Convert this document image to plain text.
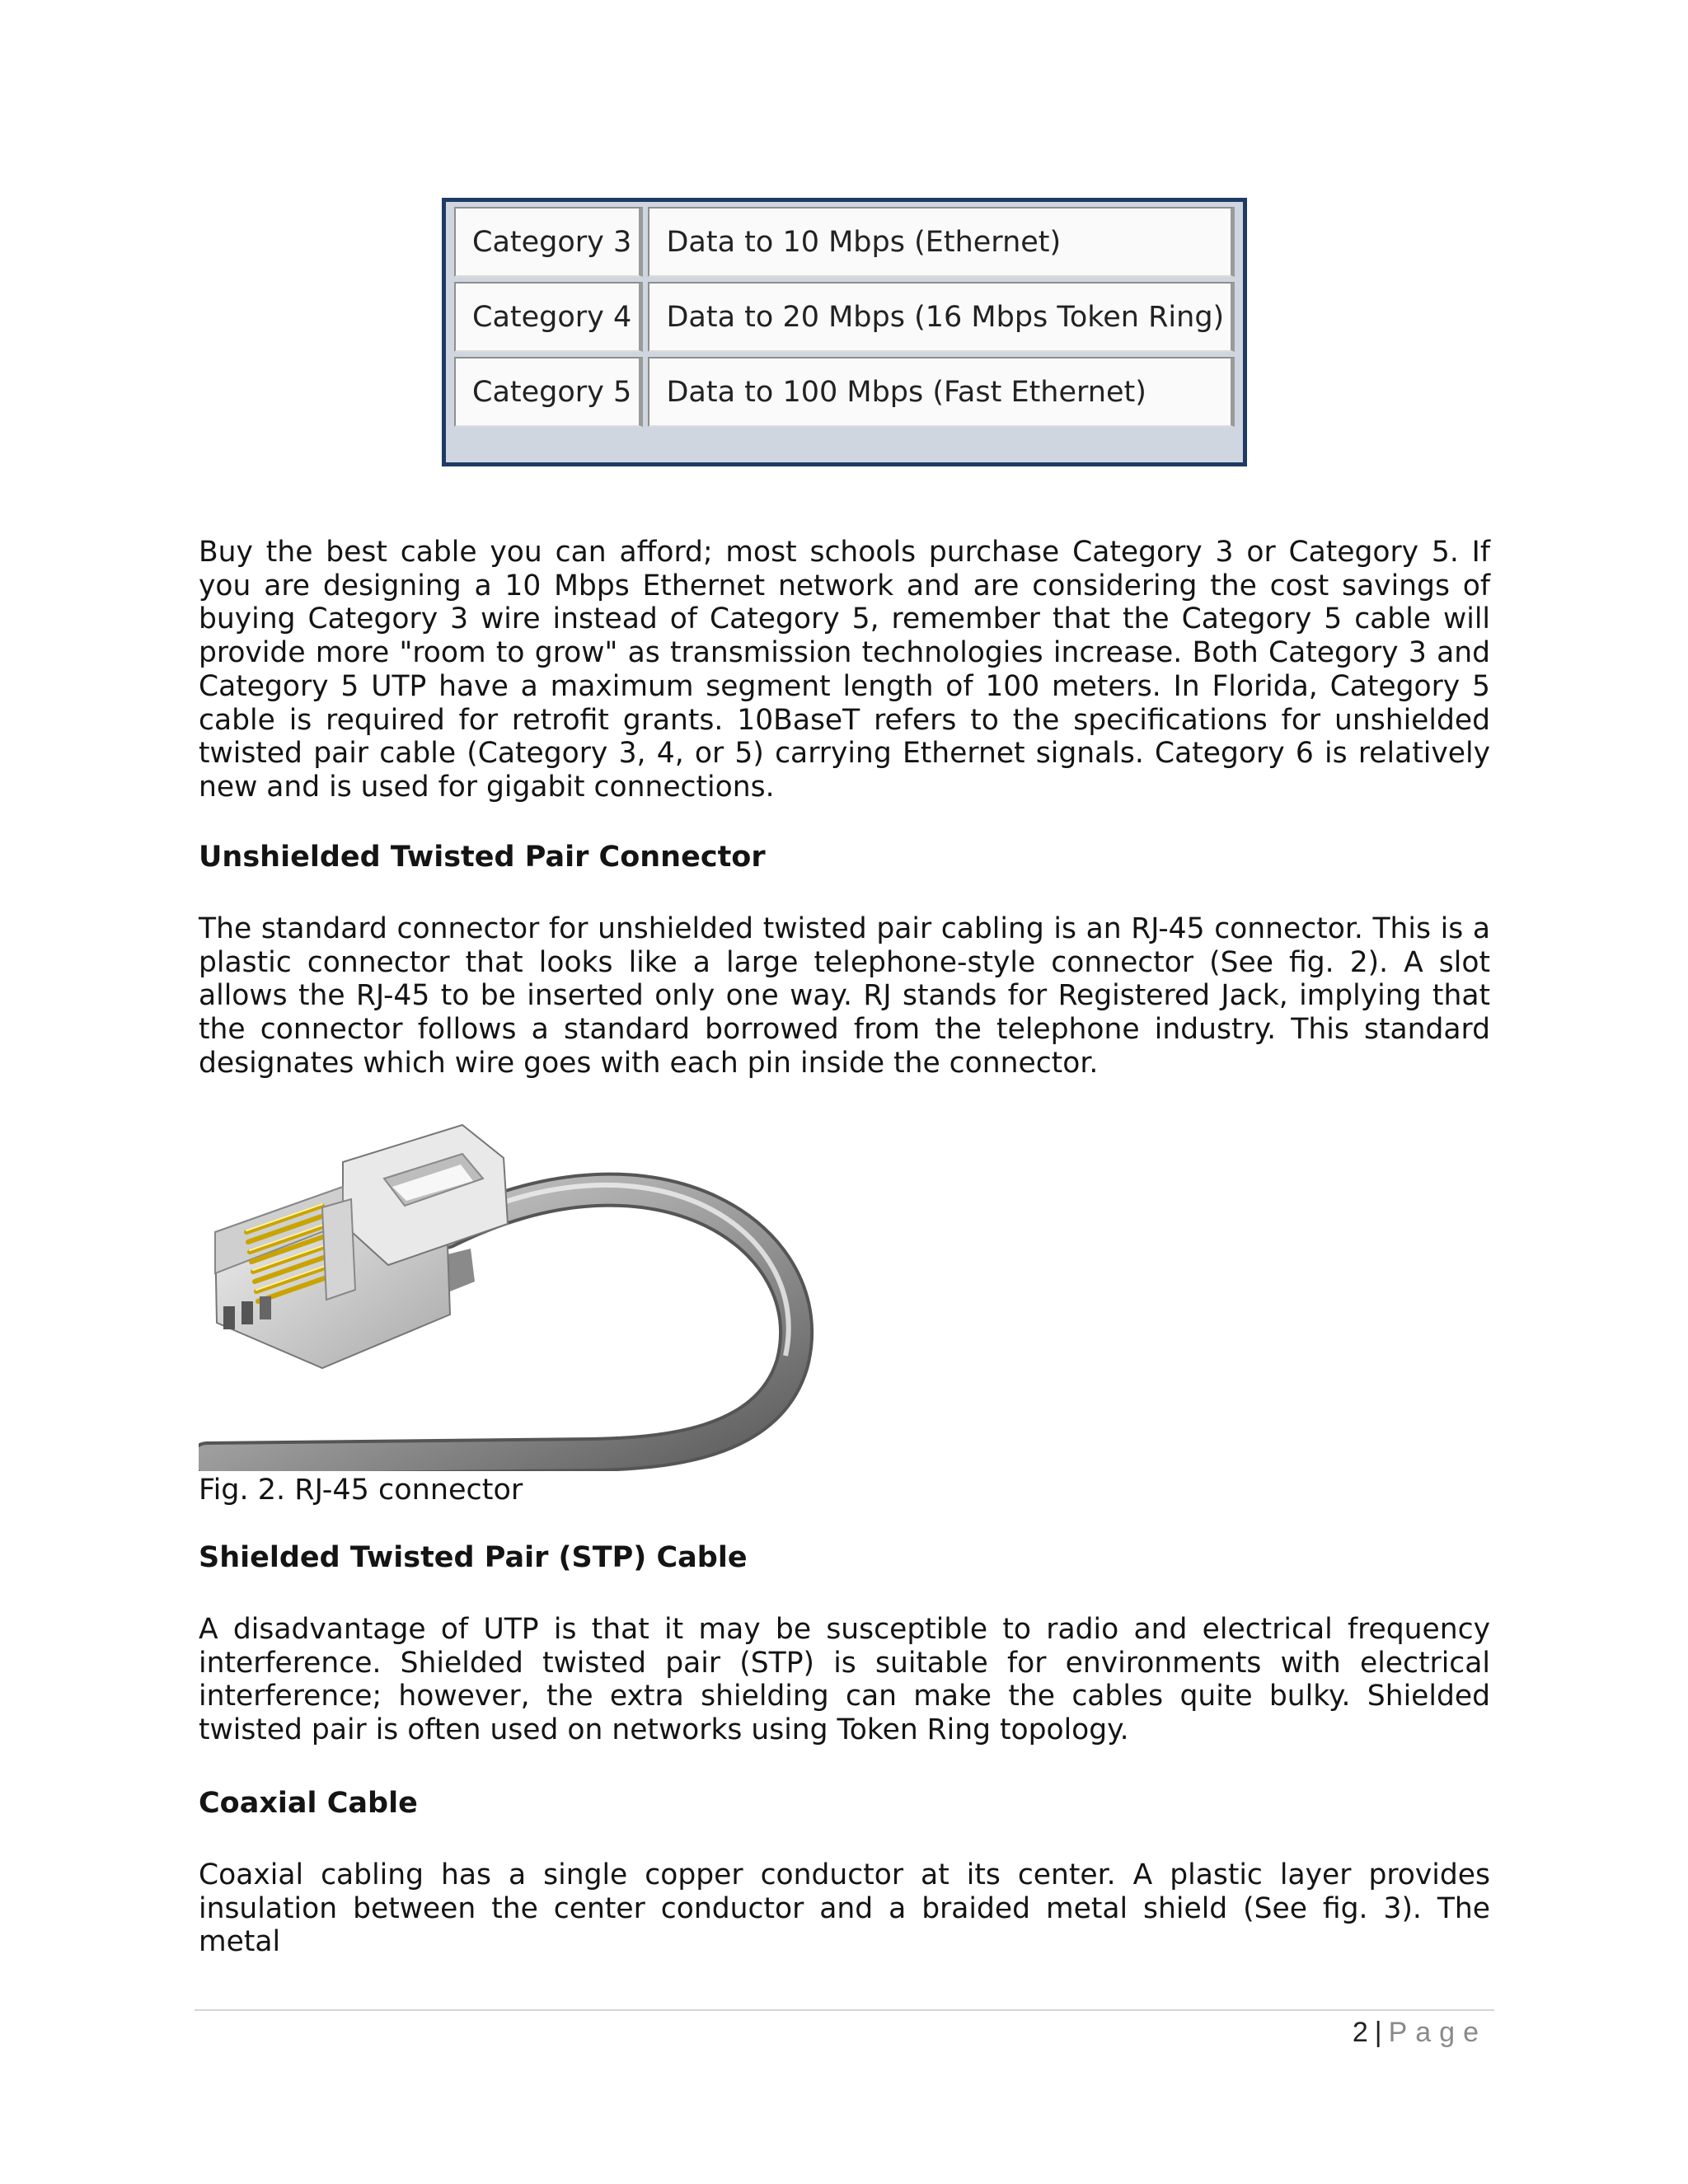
Category 3	Data to 10 Mbps (Ethernet)
Category 4	Data to 20 Mbps (16 Mbps Token Ring)
Category 5	Data to 100 Mbps (Fast Ethernet)

Buy the best cable you can afford; most schools purchase Category 3 or Category 5. If you are designing a 10 Mbps Ethernet network and are considering the cost savings of buying Category 3 wire instead of Category 5, remember that the Category 5 cable will provide more "room to grow" as transmission technologies increase. Both Category 3 and Category 5 UTP have a maximum segment length of 100 meters. In Florida, Category 5 cable is required for retrofit grants. 10BaseT refers to the specifications for unshielded twisted pair cable (Category 3, 4, or 5) carrying Ethernet signals. Category 6 is relatively new and is used for gigabit connections.

Unshielded Twisted Pair Connector

The standard connector for unshielded twisted pair cabling is an RJ-45 connector. This is a plastic connector that looks like a large telephone-style connector (See fig. 2). A slot allows the RJ-45 to be inserted only one way. RJ stands for Registered Jack, implying that the connector follows a standard borrowed from the telephone industry. This standard designates which wire goes with each pin inside the connector.

Fig. 2. RJ-45 connector
Shielded Twisted Pair (STP) Cable

A disadvantage of UTP is that it may be susceptible to radio and electrical frequency interference. Shielded twisted pair (STP) is suitable for environments with electrical interference; however, the extra shielding can make the cables quite bulky. Shielded twisted pair is often used on networks using Token Ring topology.

Coaxial Cable

Coaxial cabling has a single copper conductor at its center. A plastic layer provides insulation between the center conductor and a braided metal shield (See fig. 3). The metal

2 | Page
